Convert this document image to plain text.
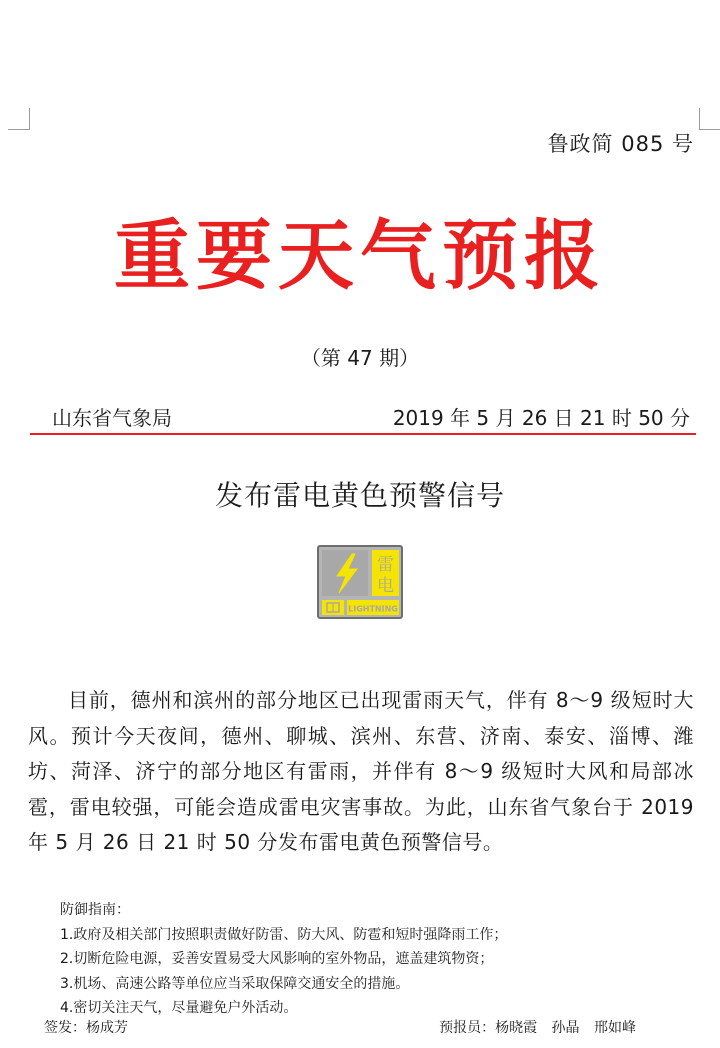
鲁政简 085 号
重要天气预报
（第 47 期）
山东省气象局	2019 年 5 月 26 日 21 时 50 分
发布雷电黄色预警信号
雷
电
LIGHTNING
目前，德州和滨州的部分地区已出现雷雨天气，伴有 8～9 级短时大风。预计今天夜间，德州、聊城、滨州、东营、济南、泰安、淄博、潍坊、菏泽、济宁的部分地区有雷雨，并伴有 8～9 级短时大风和局部冰雹，雷电较强，可能会造成雷电灾害事故。为此，山东省气象台于 2019 年 5 月 26 日 21 时 50 分发布雷电黄色预警信号。
防御指南：
1.政府及相关部门按照职责做好防雷、防大风、防雹和短时强降雨工作；
2.切断危险电源，妥善安置易受大风影响的室外物品，遮盖建筑物资；
3.机场、高速公路等单位应当采取保障交通安全的措施。
4.密切关注天气，尽量避免户外活动。
签发：杨成芳	预报员：杨晓霞 孙晶 邢如峰
